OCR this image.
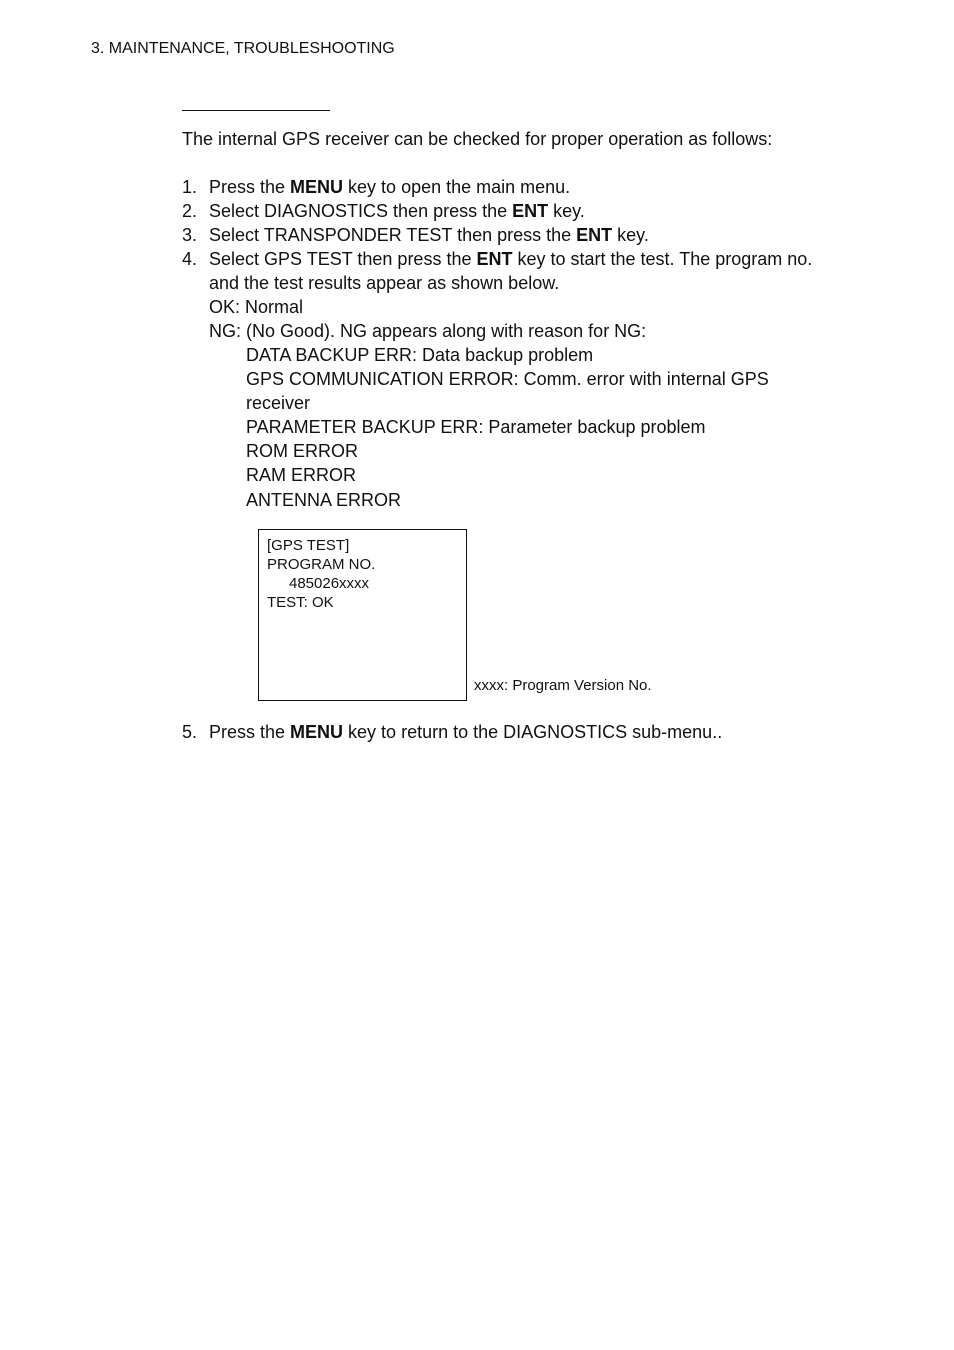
3. MAINTENANCE, TROUBLESHOOTING
The internal GPS receiver can be checked for proper operation as follows:
1. Press the MENU key to open the main menu.
2. Select DIAGNOSTICS then press the ENT key.
3. Select TRANSPONDER TEST then press the ENT key.
4. Select GPS TEST then press the ENT key to start the test. The program no.
and the test results appear as shown below.
OK: Normal
NG: (No Good). NG appears along with reason for NG:
DATA BACKUP ERR: Data backup problem
GPS COMMUNICATION ERROR: Comm. error with internal GPS
receiver
PARAMETER BACKUP ERR: Parameter backup problem
ROM ERROR
RAM ERROR
ANTENNA ERROR
[GPS TEST]
PROGRAM NO.
485026xxxx
TEST: OK
xxxx: Program Version No.
5. Press the MENU key to return to the DIAGNOSTICS sub-menu..
